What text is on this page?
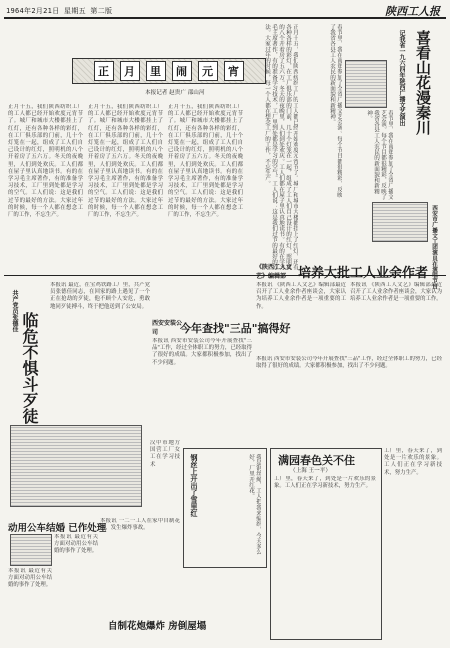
1964年2月21日 星期五 第二版	陕西工人报
正	月	里	闹	元	宵
本报记者 赵贵广 邵山河
正月十五，我们陕西纺织工厂的工人都已经开始欢度元宵节了。城厂和城市大楼都挂上了红灯，还有各种各样的彩灯，在工厂俱乐部的门前，几十个灯笼在一起，组成了工人们自己设计的红灯，照明机的八个开着房了五六万。冬天的夜晚里，人们到处欢庆。工人们都在屋子里认真地读书。有的在学习毛主席著作，有的准备学习技术，工厂里到处都是学习的空气。工人们说：这是我们过节的最好的方法。大家过年的时候，每一个人都在想念工厂的工作，不忘生产。
正月十五，我们陕西纺织工厂的工人都已经开始欢度元宵节了。城厂和城市大楼都挂上了红灯，还有各种各样的彩灯，在工厂俱乐部的门前，几十个灯笼在一起，组成了工人们自己设计的红灯，照明机的八个开着房了五六万。冬天的夜晚里，人们到处欢庆。工人们都在屋子里认真地读书。有的在学习毛主席著作，有的准备学习技术，工厂里到处都是学习的空气。工人们说：这是我们过节的最好的方法。大家过年的时候，每一个人都在想念工厂的工作，不忘生产。
正月十五，我们陕西纺织工厂的工人都已经开始欢度元宵节了。城厂和城市大楼都挂上了红灯，还有各种各样的彩灯，在工厂俱乐部的门前，几十个灯笼在一起，组成了工人们自己设计的红灯，照明机的八个开着房了五六万。冬天的夜晚里，人们到处欢庆。工人们都在屋子里认真地读书。有的在学习毛主席著作，有的准备学习技术，工厂里到处都是学习的空气。工人们说：这是我们过节的最好的方法。大家过年的时候，每一个人都在想念工厂的工作，不忘生产。	正月十五，我们陕西纺织工厂的工人都已经开始欢度元宵节了。城厂和城市大楼都挂上了红灯，还有各种各样的彩灯，在工厂俱乐部的门前，几十个灯笼在一起，组成了工人们自己设计的红灯，照明机的八个开着房了五六万。冬天的夜晚里，人们到处欢庆。工人们都在屋子里认真地读书。有的在学习毛主席著作，有的准备学习技术，工厂里到处都是学习的空气。工人们说：这是我们过节的最好的方法。大家过年的时候，每一个人都在想念工厂的工作，不忘生产。	春节里，我在南郑参加了全省广播文艺会演。每个节目都很精彩，反映了我省各县工人农民的新面貌和新精神。	喜看山花漫秦川
记我省一九六四年陕西广播文艺演出
春节里，我在南郑参加了全省广播文艺会演。每个节目都很精彩，反映了我省各县工人农民的新面貌和新精神。
西安市广播文工团演员在演唱节目
《陕西工人文艺》编辑部 培养大批工人业余作者
本报讯 《陕西工人文艺》编辑部最近召开了工人业余作者座谈会，大家认为培养工人业余作者是一项重要的工作。
本报讯 《陕西工人文艺》编辑部最近召开了工人业余作者座谈会，大家认为培养工人业余作者是一项重要的工作。
共产党员张德佳
临危不惧斗歹徒
本报讯 最近，在宝鸡铁路工厂里，共产党员张德佳同志，在回家的路上遇见了一个正在抢劫的歹徒，他不顾个人安危，勇敢地同歹徒搏斗，终于把他送到了公安局。
西安安装公司	今年查找"三品"搞得好
本报讯 西安市安装公司今年开展查找"三品"工作，经过全体职工的努力，已经取得了很好的成绩。大家都积极参加，找出了不少问题。
本报讯 西安市安装公司今年开展查找"三品"工作，经过全体职工的努力，已经取得了很好的成绩。大家都积极参加，找出了不少问题。
汉中市地方国营工厂女工在学习技术	钢丝上开出了雪里红	我是钢丝绳，工人把我来编织，今天多么好，厂里开红花。	满园春色关不住
（上海 王一平）
工厂里，春天来了，到处是一片欢乐的景象。工人们正在学习新技术，努力生产。
工厂里，春天来了，到处是一片欢乐的景象。工人们正在学习新技术，努力生产。
动用公车结婚 已作处理
本报讯 最近有关方面对动用公车结婚的事作了处理。
本报讯 最近有关方面对动用公车结婚的事作了处理。
本报讯 一二一工人在家中自制花炮，发生爆炸事故。
自制花炮爆炸 房倒屋塌
